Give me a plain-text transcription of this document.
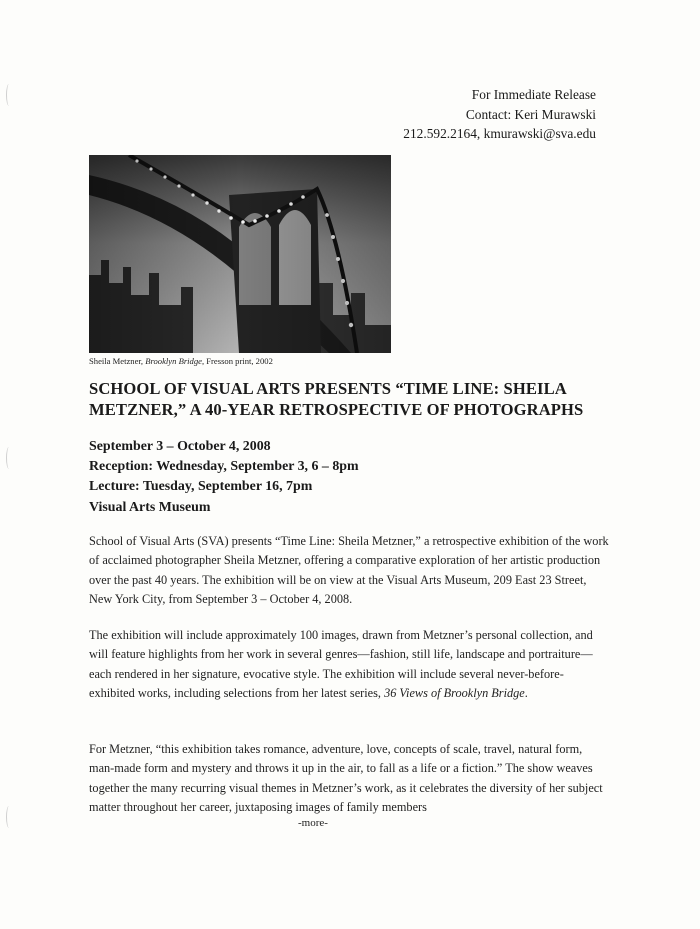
For Immediate Release
Contact: Keri Murawski
212.592.2164, kmurawski@sva.edu
Sheila Metzner, Brooklyn Bridge, Fresson print, 2002
SCHOOL OF VISUAL ARTS PRESENTS “TIME LINE: SHEILA METZNER,” A 40-YEAR RETROSPECTIVE OF PHOTOGRAPHS
September 3 – October 4, 2008
Reception: Wednesday, September 3, 6 – 8pm
Lecture: Tuesday, September 16, 7pm
Visual Arts Museum

School of Visual Arts (SVA) presents “Time Line: Sheila Metzner,” a retrospective exhibition of the work of acclaimed photographer Sheila Metzner, offering a comparative exploration of her artistic production over the past 40 years. The exhibition will be on view at the Visual Arts Museum, 209 East 23 Street, New York City, from September 3 – October 4, 2008.

The exhibition will include approximately 100 images, drawn from Metzner’s personal collection, and will feature highlights from her work in several genres—fashion, still life, landscape and portraiture—each rendered in her signature, evocative style. The exhibition will include several never-before-exhibited works, including selections from her latest series, 36 Views of Brooklyn Bridge.

For Metzner, “this exhibition takes romance, adventure, love, concepts of scale, travel, natural form, man-made form and mystery and throws it up in the air, to fall as a life or a fiction.” The show weaves together the many recurring visual themes in Metzner’s work, as it celebrates the diversity of her subject matter throughout her career, juxtaposing images of family members

-more-
